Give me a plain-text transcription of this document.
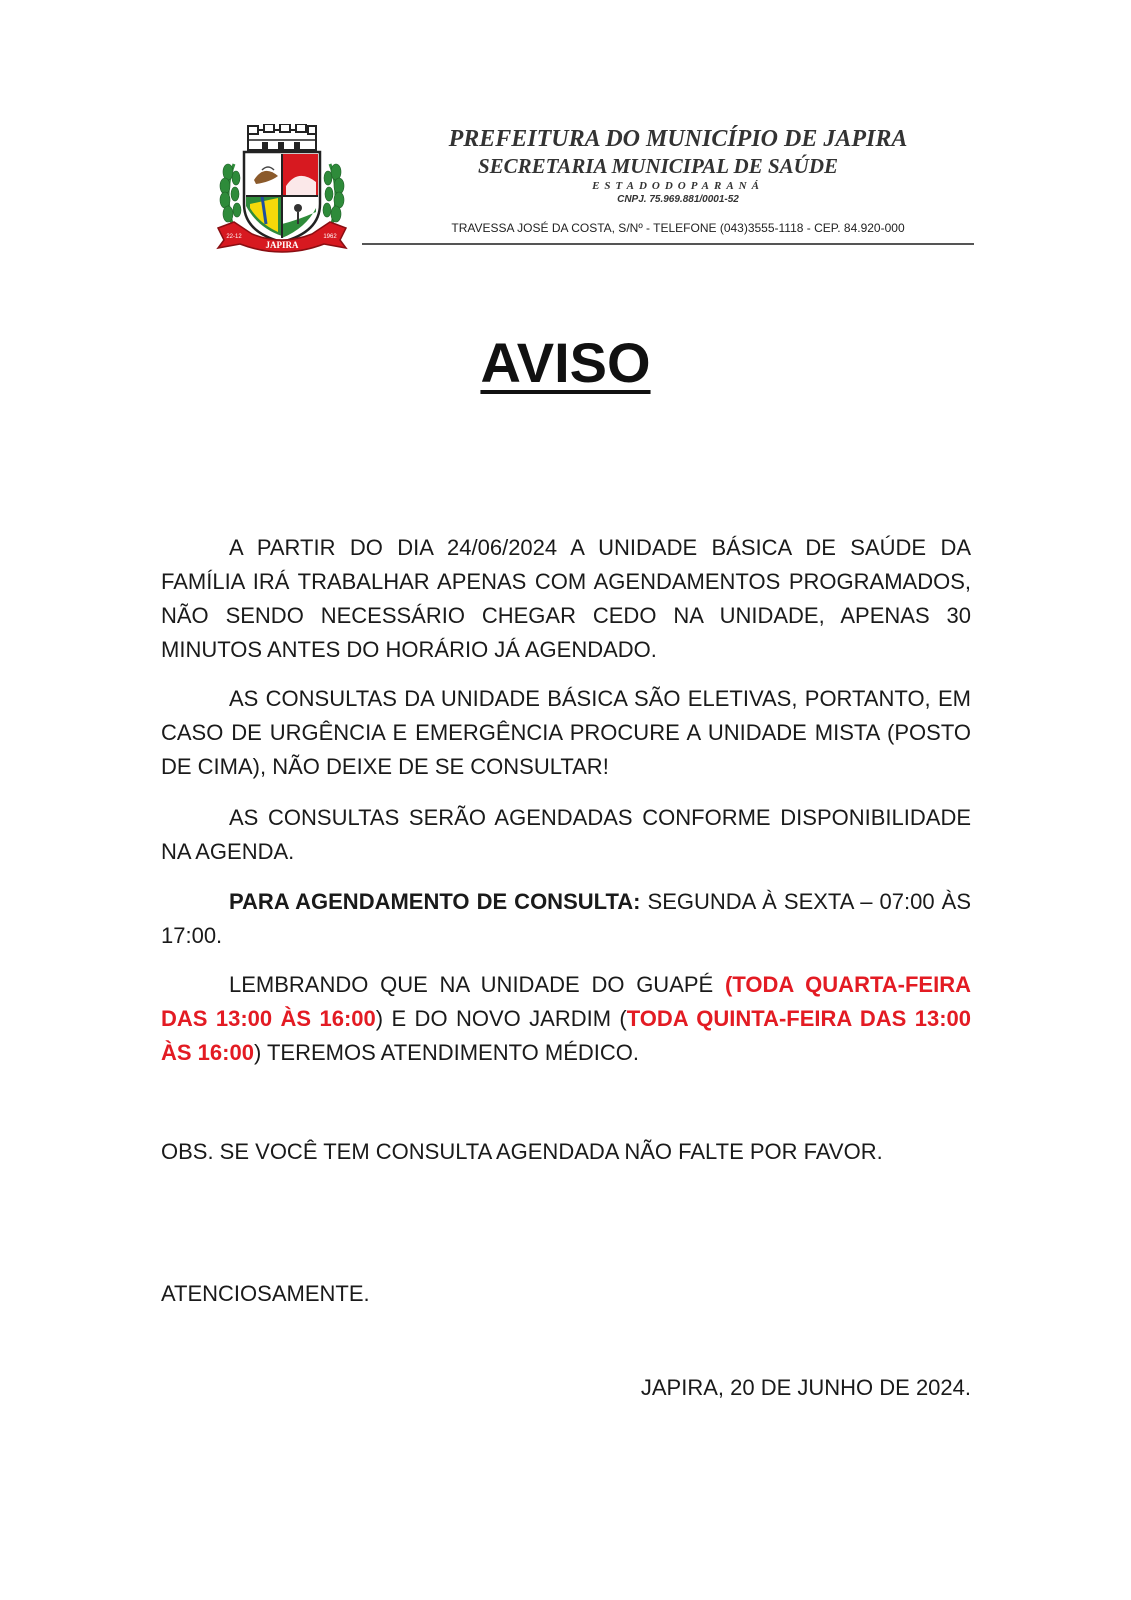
JAPIRA
22-12	1962
PREFEITURA DO MUNICÍPIO DE JAPIRA
SECRETARIA MUNICIPAL DE SAÚDE
ESTADODOPARANÁ
CNPJ. 75.969.881/0001-52
TRAVESSA JOSÉ DA COSTA, S/Nº - TELEFONE (043)3555-1118 - CEP. 84.920-000
AVISO
A PARTIR DO DIA 24/06/2024 A UNIDADE BÁSICA DE SAÚDE DA FAMÍLIA IRÁ TRABALHAR APENAS COM AGENDAMENTOS PROGRAMADOS, NÃO SENDO NECESSÁRIO CHEGAR CEDO NA UNIDADE, APENAS 30 MINUTOS ANTES DO HORÁRIO JÁ AGENDADO.
AS CONSULTAS DA UNIDADE BÁSICA SÃO ELETIVAS, PORTANTO, EM CASO DE URGÊNCIA E EMERGÊNCIA PROCURE A UNIDADE MISTA (POSTO DE CIMA), NÃO DEIXE DE SE CONSULTAR!
AS CONSULTAS SERÃO AGENDADAS CONFORME DISPONIBILIDADE NA AGENDA.
PARA AGENDAMENTO DE CONSULTA: SEGUNDA À SEXTA – 07:00 ÀS 17:00.
LEMBRANDO QUE NA UNIDADE DO GUAPÉ (TODA QUARTA-FEIRA DAS 13:00 ÀS 16:00) E DO NOVO JARDIM (TODA QUINTA-FEIRA DAS 13:00 ÀS 16:00) TEREMOS ATENDIMENTO MÉDICO.
OBS. SE VOCÊ TEM CONSULTA AGENDADA NÃO FALTE POR FAVOR.
ATENCIOSAMENTE.
JAPIRA, 20 DE JUNHO DE 2024.
